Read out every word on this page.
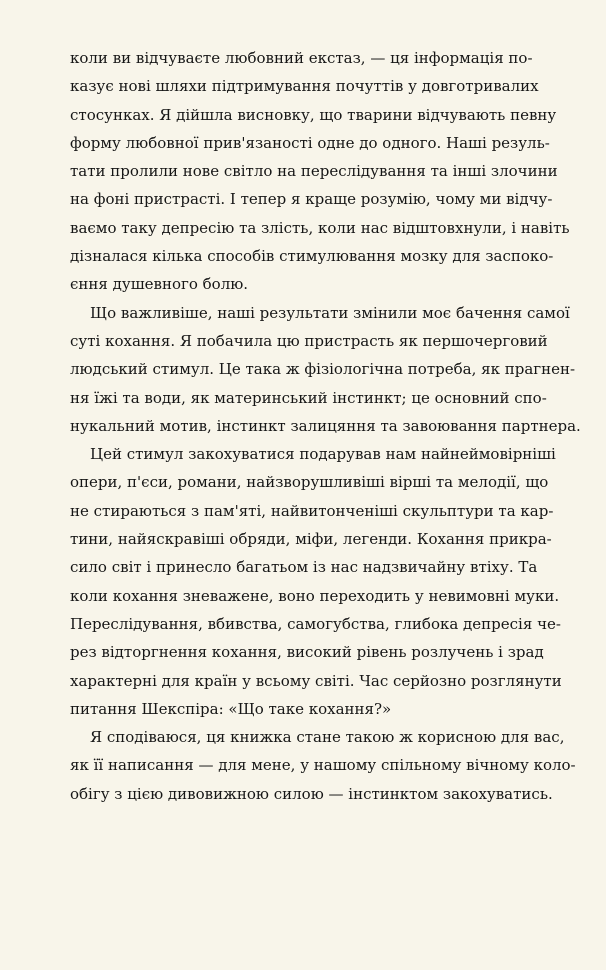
коли ви відчуваєте любовний екстаз, — ця інформація по-
казує нові шляхи підтримування почуттів у довготривалих
стосунках. Я дійшла висновку, що тварини відчувають певну
форму любовної прив'язаності одне до одного. Наші резуль-
тати пролили нове світло на переслідування та інші злочини
на фоні пристрасті. І тепер я краще розумію, чому ми відчу-
ваємо таку депресію та злість, коли нас відштовхнули, і навіть
дізналася кілька способів стимулювання мозку для заспоко-
єння душевного болю.
Що важливіше, наші результати змінили моє бачення самої
суті кохання. Я побачила цю пристрасть як першочерговий
людський стимул. Це така ж фізіологічна потреба, як прагнен-
ня їжі та води, як материнський інстинкт; це основний спо-
нукальний мотив, інстинкт залицяння та завоювання партнера.
Цей стимул закохуватися подарував нам найнеймовірніші
опери, п'єси, романи, найзворушливіші вірші та мелодії, що
не стираються з пам'яті, найвитонченіші скульптури та кар-
тини, найяскравіші обряди, міфи, легенди. Кохання прикра-
сило світ і принесло багатьом із нас надзвичайну втіху. Та
коли кохання зневажене, воно переходить у невимовні муки.
Переслідування, вбивства, самогубства, глибока депресія че-
рез відторгнення кохання, високий рівень розлучень і зрад
характерні для країн у всьому світі. Час серйозно розглянути
питання Шекспіра: «Що таке кохання?»
Я сподіваюся, ця книжка стане такою ж корисною для вас,
як її написання — для мене, у нашому спільному вічному коло-
обігу з цією дивовижною силою — інстинктом закохуватись.
